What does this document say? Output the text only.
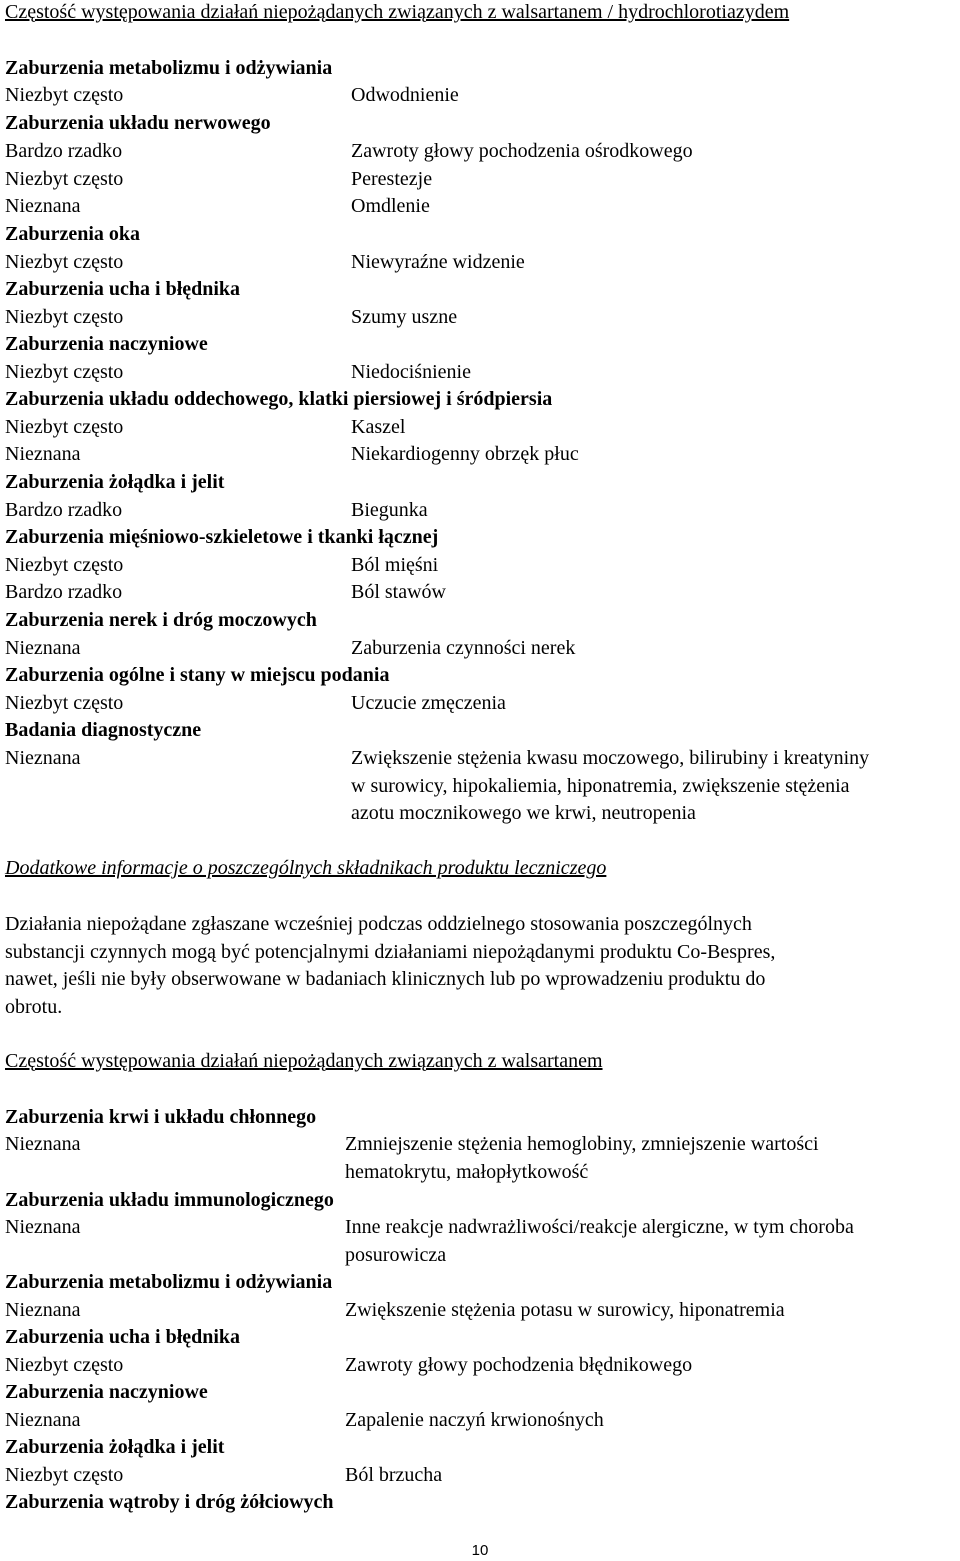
Częstość występowania działań niepożądanych związanych z walsartanem / hydrochlorotiazydem
Zaburzenia metabolizmu i odżywiania
Niezbyt często	Odwodnienie
Zaburzenia układu nerwowego
Bardzo rzadko	Zawroty głowy pochodzenia ośrodkowego
Niezbyt często	Perestezje
Nieznana	Omdlenie
Zaburzenia oka
Niezbyt często	Niewyraźne widzenie
Zaburzenia ucha i błędnika
Niezbyt często	Szumy uszne
Zaburzenia naczyniowe
Niezbyt często	Niedociśnienie
Zaburzenia układu oddechowego, klatki piersiowej i śródpiersia
Niezbyt często	Kaszel
Nieznana	Niekardiogenny obrzęk płuc
Zaburzenia żołądka i jelit
Bardzo rzadko	Biegunka
Zaburzenia mięśniowo-szkieletowe i tkanki łącznej
Niezbyt często	Ból mięśni
Bardzo rzadko	Ból stawów
Zaburzenia nerek i dróg moczowych
Nieznana	Zaburzenia czynności nerek
Zaburzenia ogólne i stany w miejscu podania
Niezbyt często	Uczucie zmęczenia
Badania diagnostyczne
Nieznana	Zwiększenie stężenia kwasu moczowego, bilirubiny i kreatyniny
w surowicy, hipokaliemia, hiponatremia, zwiększenie stężenia
azotu mocznikowego we krwi, neutropenia
Dodatkowe informacje o poszczególnych składnikach produktu leczniczego
Działania niepożądane zgłaszane wcześniej podczas oddzielnego stosowania poszczególnych
substancji czynnych mogą być potencjalnymi działaniami niepożądanymi produktu Co-Bespres,
nawet, jeśli nie były obserwowane w badaniach klinicznych lub po wprowadzeniu produktu do
obrotu.
Częstość występowania działań niepożądanych związanych z walsartanem
Zaburzenia krwi i układu chłonnego
Nieznana	Zmniejszenie stężenia hemoglobiny, zmniejszenie wartości
hematokrytu, małopłytkowość
Zaburzenia układu immunologicznego
Nieznana	Inne reakcje nadwrażliwości/reakcje alergiczne, w tym choroba
posurowicza
Zaburzenia metabolizmu i odżywiania
Nieznana	Zwiększenie stężenia potasu w surowicy, hiponatremia
Zaburzenia ucha i błędnika
Niezbyt często	Zawroty głowy pochodzenia błędnikowego
Zaburzenia naczyniowe
Nieznana	Zapalenie naczyń krwionośnych
Zaburzenia żołądka i jelit
Niezbyt często	Ból brzucha
Zaburzenia wątroby i dróg żółciowych
10
